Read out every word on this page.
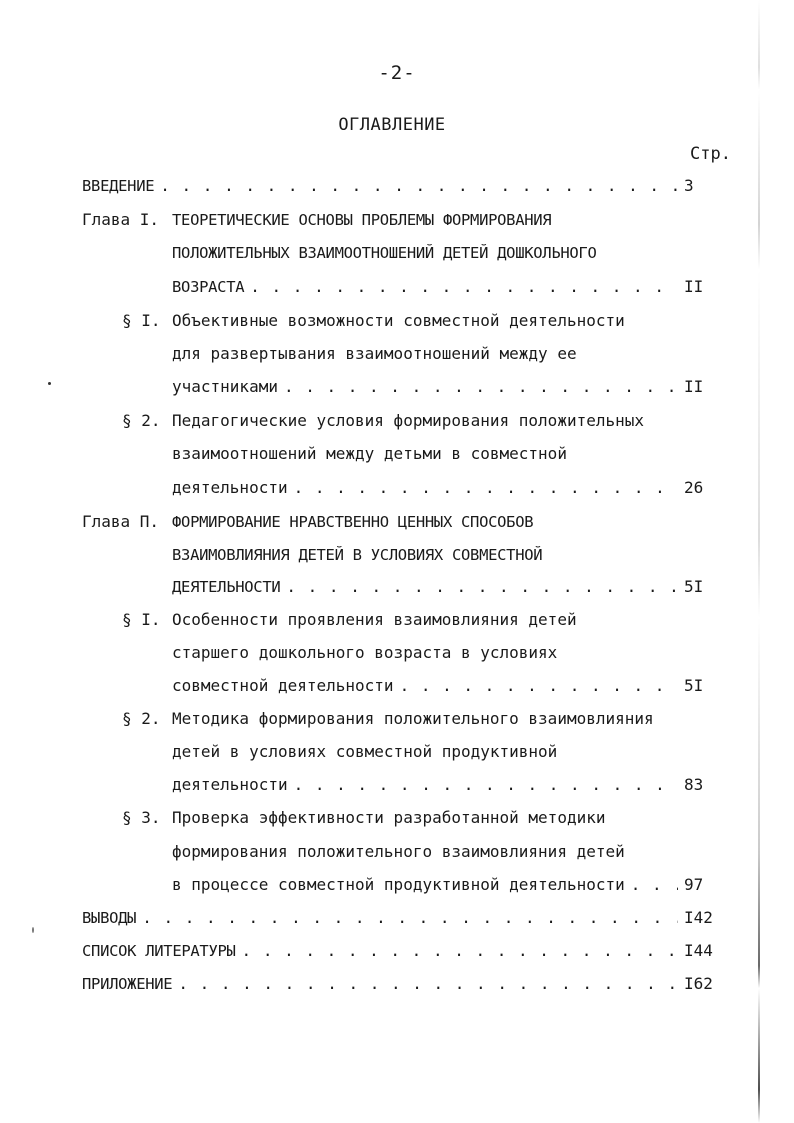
-2-
ОГЛАВЛЕНИЕ
Стр.
ВВЕДЕНИЕ . . .	3
Глава I. ТЕОРЕТИЧЕСКИЕ ОСНОВЫ ПРОБЛЕМЫ ФОРМИРОВАНИЯ
ПОЛОЖИТЕЛЬНЫХ ВЗАИМООТНОШЕНИЙ ДЕТЕЙ ДОШКОЛЬНОГО
ВОЗРАСТА . . .	II
§ I. Объективные возможности совместной деятельности
для развертывания взаимоотношений между ее
участниками . . .	II
§ 2. Педагогические условия формирования положительных
взаимоотношений между детьми в совместной
деятельности . . .	26
Глава П. ФОРМИРОВАНИЕ НРАВСТВЕННО ЦЕННЫХ СПОСОБОВ
ВЗАИМОВЛИЯНИЯ ДЕТЕЙ В УСЛОВИЯХ СОВМЕСТНОЙ
ДЕЯТЕЛЬНОСТИ . . .	5I
§ I. Особенности проявления взаимовлияния детей
старшего дошкольного возраста в условиях
совместной деятельности . . .	5I
§ 2. Методика формирования положительного взаимовлияния
детей в условиях совместной продуктивной
деятельности . . .	83
§ 3. Проверка эффективности разработанной методики
формирования положительного взаимовлияния детей
в процессе совместной продуктивной деятельности . . .	97
ВЫВОДЫ . . .	I42
СПИСОК ЛИТЕРАТУРЫ . . .	I44
ПРИЛОЖЕНИЕ . . .	I62
